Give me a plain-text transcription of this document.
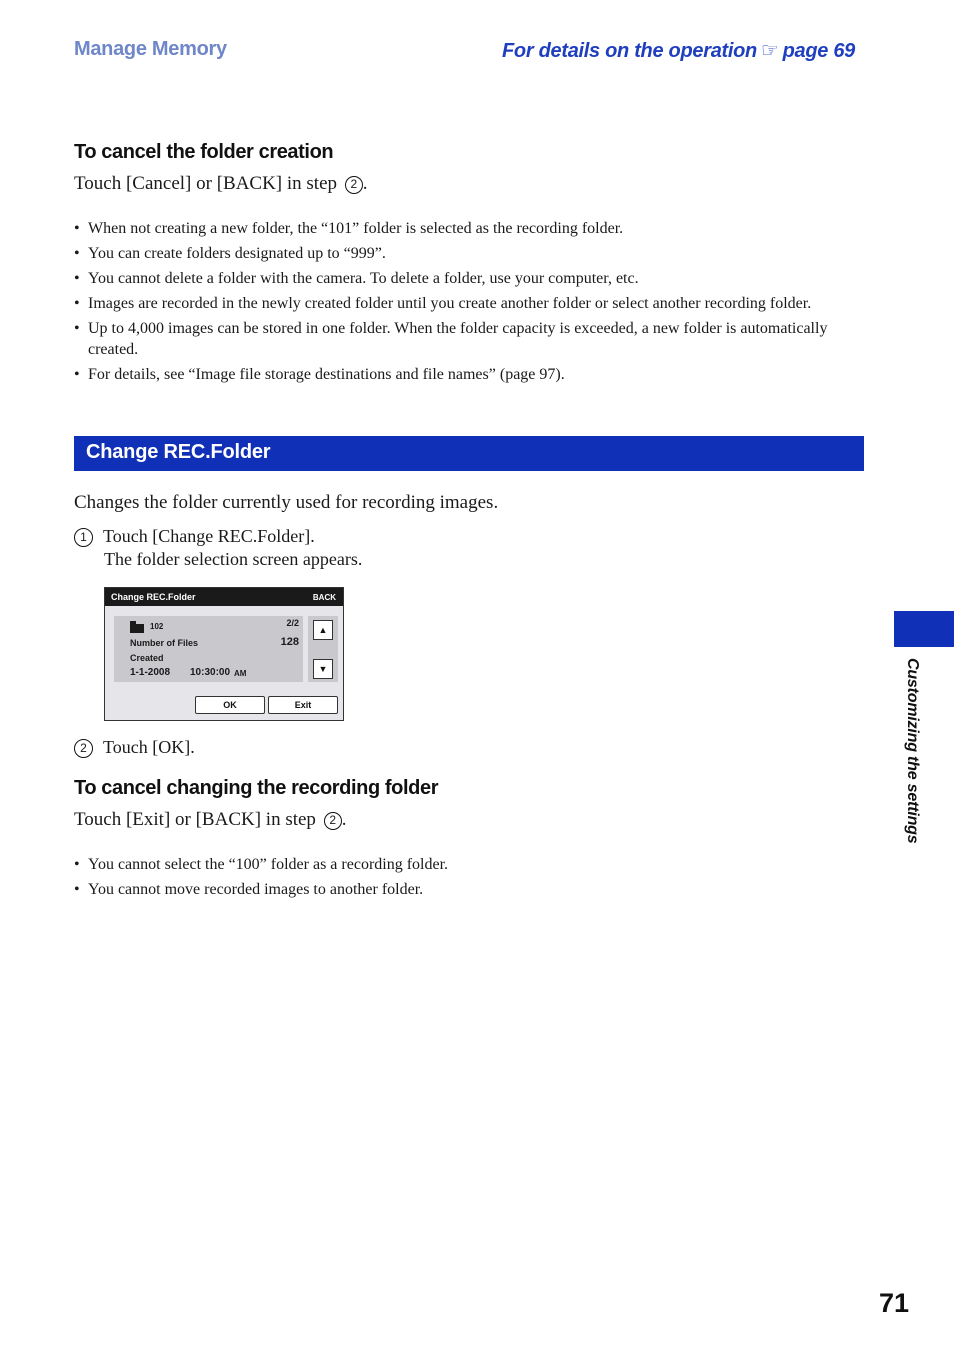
Manage Memory	For details on the operation ☞ page 69
To cancel the folder creation
Touch [Cancel] or [BACK] in step 2 .
• When not creating a new folder, the “101” folder is selected as the recording folder.
• You can create folders designated up to “999”.
• You cannot delete a folder with the camera. To delete a folder, use your computer, etc.
• Images are recorded in the newly created folder until you create another folder or select another recording folder.
• Up to 4,000 images can be stored in one folder. When the folder capacity is exceeded, a new folder is automatically created.
• For details, see “Image file storage destinations and file names” (page 97).
Change REC.Folder
Changes the folder currently used for recording images.
1 Touch [Change REC.Folder].
The folder selection screen appears.
Change REC.Folder	BACK
102	2/2
Number of Files	128
Created
1-1-2008 10:30:00 AM
▲
▼
OK	Exit
2 Touch [OK].
To cancel changing the recording folder
Touch [Exit] or [BACK] in step 2 .
• You cannot select the “100” folder as a recording folder.
• You cannot move recorded images to another folder.
Customizing the settings
71
